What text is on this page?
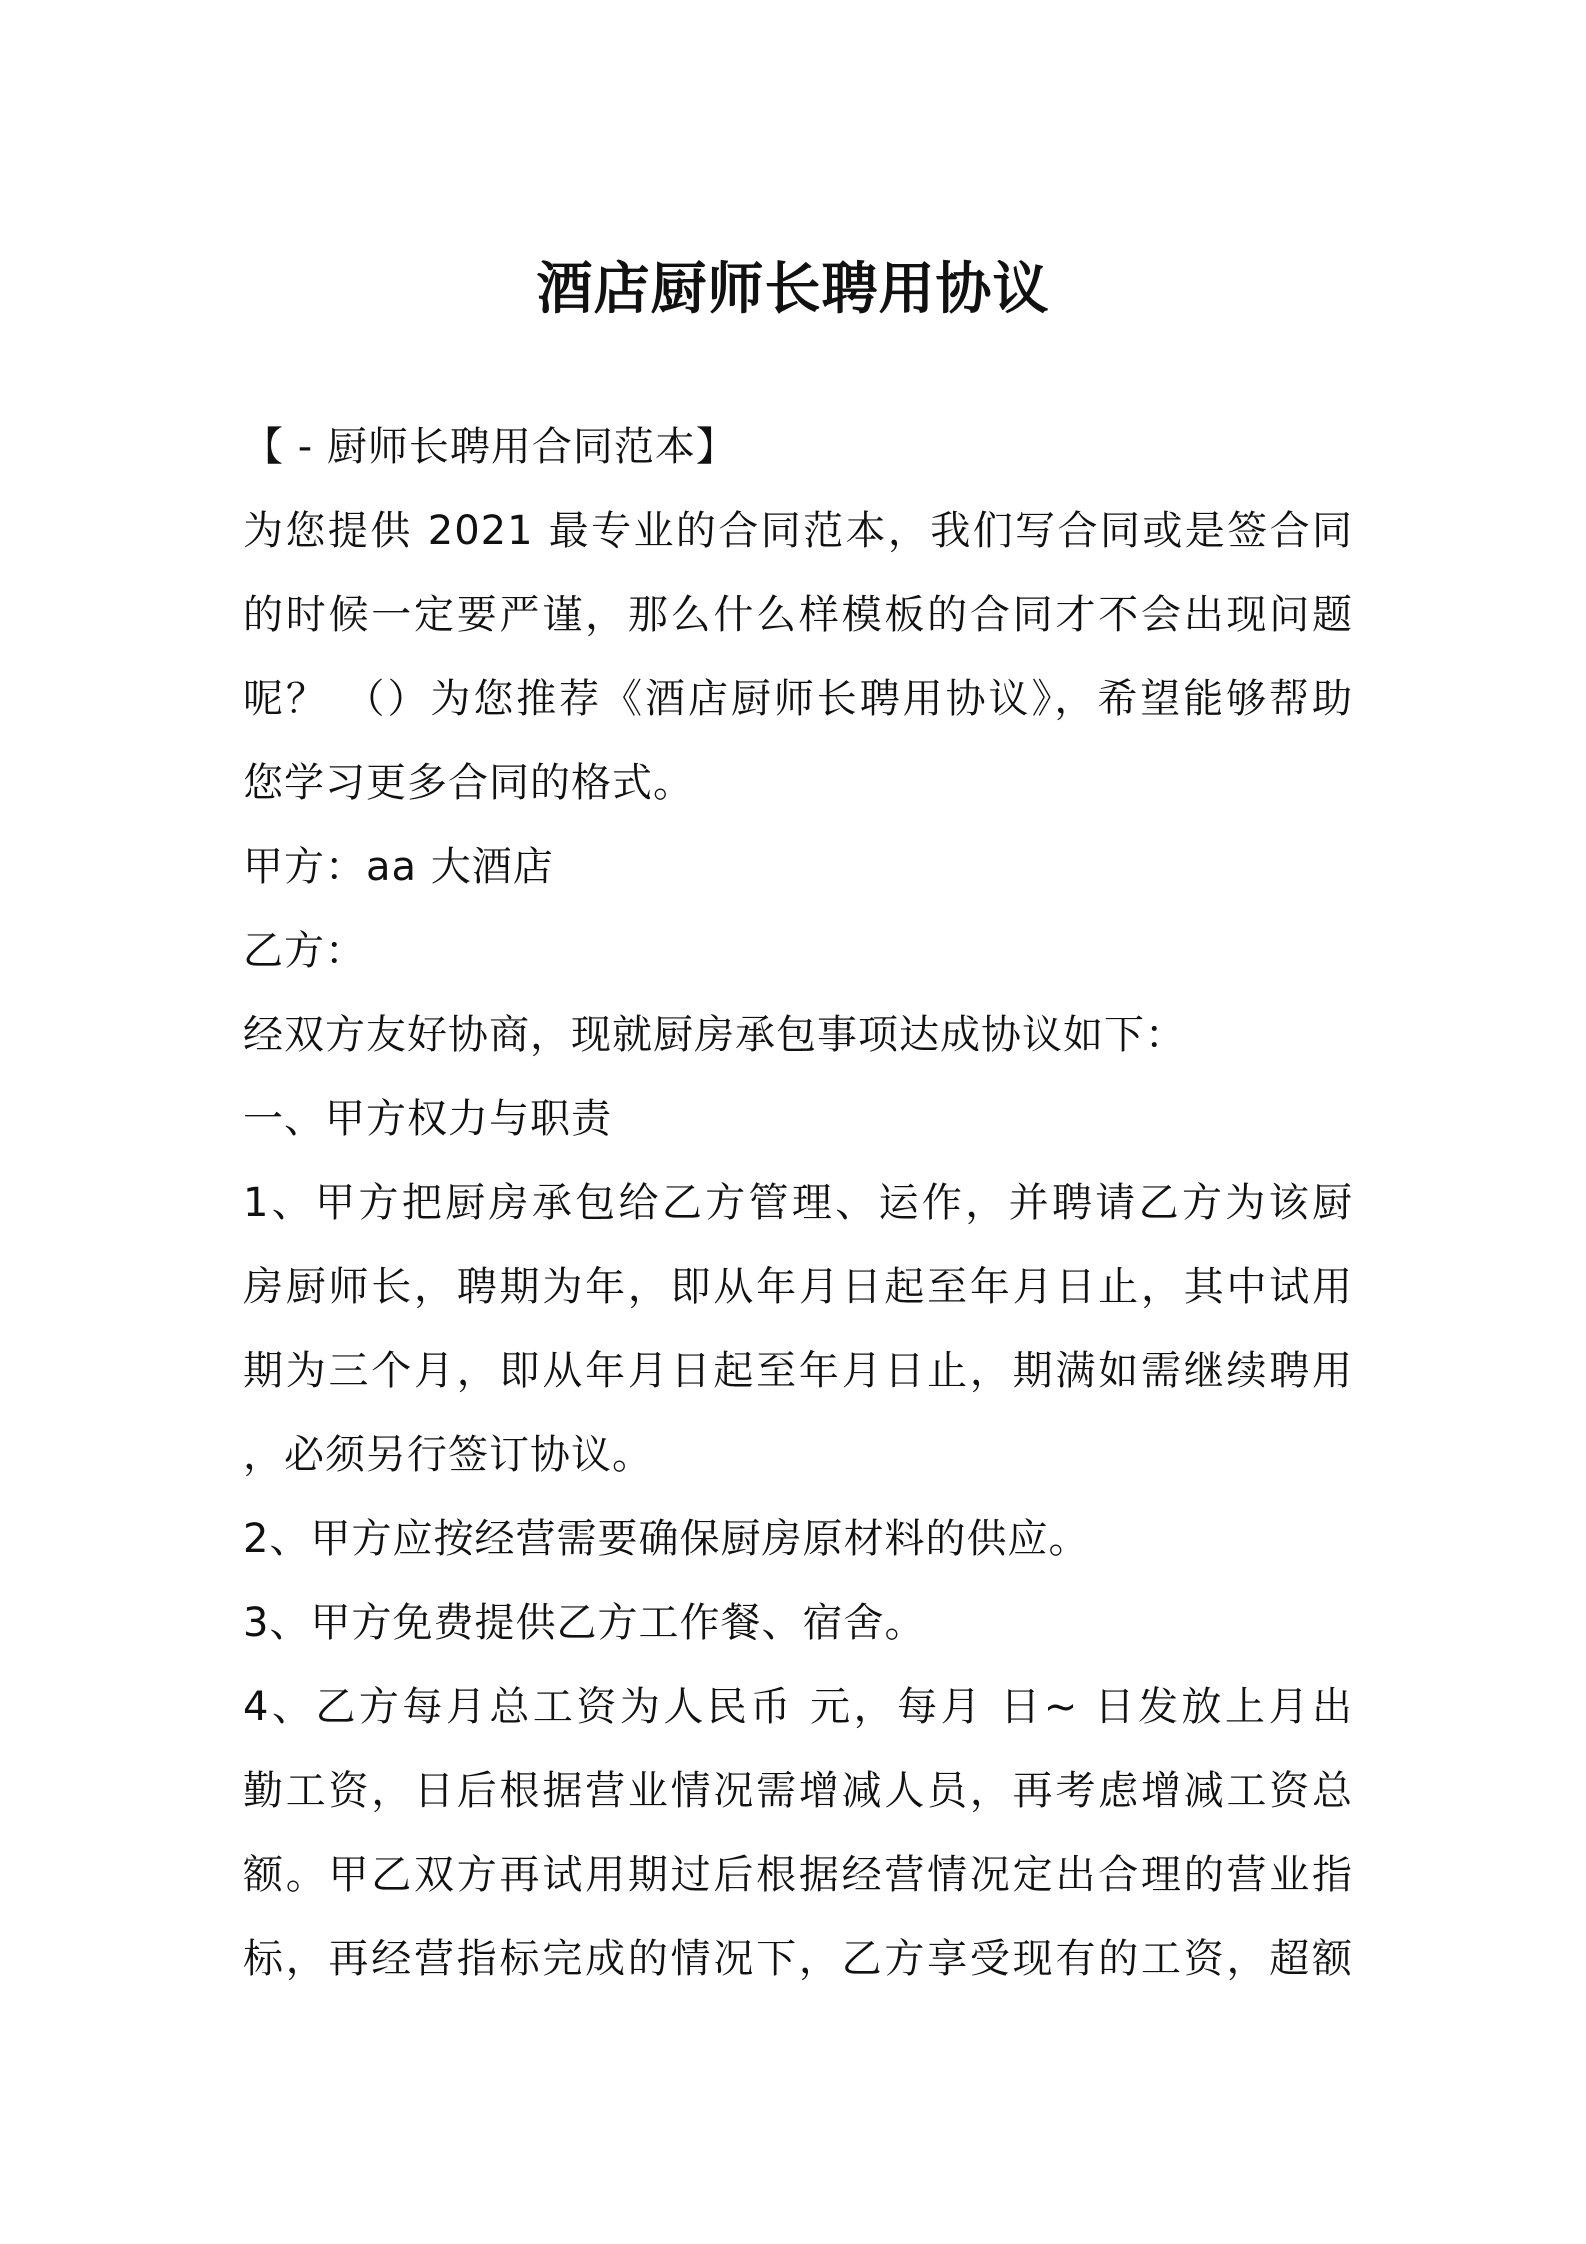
酒店厨师长聘用协议
【 - 厨师长聘用合同范本】
为您提供 2021 最专业的合同范本，我们写合同或是签合同
的时候一定要严谨，那么什么样模板的合同才不会出现问题
呢？ （）为您推荐《酒店厨师长聘用协议》，希望能够帮助
您学习更多合同的格式。
甲方：aa 大酒店
乙方：
经双方友好协商，现就厨房承包事项达成协议如下：
一、甲方权力与职责
1、甲方把厨房承包给乙方管理、运作，并聘请乙方为该厨
房厨师长，聘期为年，即从年月日起至年月日止，其中试用
期为三个月，即从年月日起至年月日止，期满如需继续聘用
，必须另行签订协议。
2、甲方应按经营需要确保厨房原材料的供应。
3、甲方免费提供乙方工作餐、宿舍。
4、乙方每月总工资为人民币 元，每月 日~ 日发放上月出
勤工资，日后根据营业情况需增减人员，再考虑增减工资总
额。甲乙双方再试用期过后根据经营情况定出合理的营业指
标，再经营指标完成的情况下，乙方享受现有的工资，超额
